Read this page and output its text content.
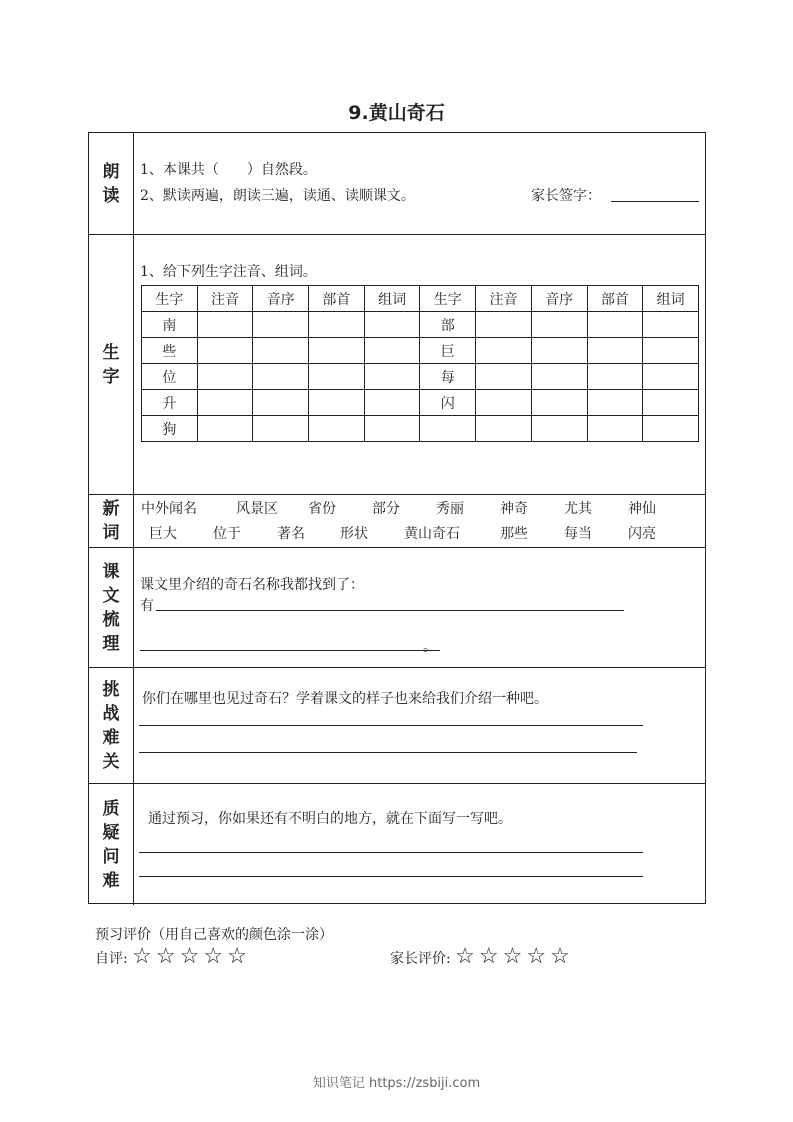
9.黄山奇石
朗
读
1、本课共（　　）自然段。
2、默读两遍，朗读三遍，读通、读顺课文。	家长签字：
生
字
1、给下列生字注音、组词。
生字	注音	音序	部首	组词	生字	注音	音序	部首	组词
南					部				
些					巨				
位					每				
升					闪				
狗									
新
词
中外闻名	风景区 省份	部分	秀丽	神奇	尤其	神仙
巨大	位于	著名	形状	黄山奇石	那些	每当	闪亮
课
文
梳
理
课文里介绍的奇石名称我都找到了：
有
。
挑
战
难
关
你们在哪里也见过奇石？学着课文的样子也来给我们介绍一种吧。
质
疑
问
难
通过预习，你如果还有不明白的地方，就在下面写一写吧。
预习评价（用自己喜欢的颜色涂一涂）
自评: ☆ ☆ ☆ ☆ ☆	家长评价: ☆ ☆ ☆ ☆ ☆
知识笔记 https://zsbiji.com
